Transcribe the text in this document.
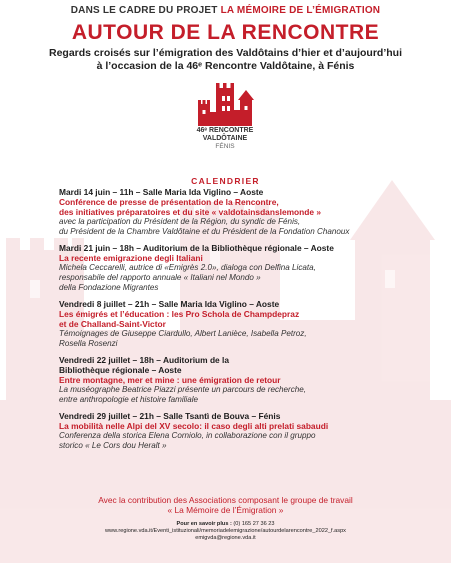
DANS LE CADRE DU PROJET LA MÉMOIRE DE L’ÉMIGRATION
AUTOUR DE LA RENCONTRE
Regards croisés sur l’émigration des Valdôtains d’hier et d’aujourd’hui
à l’occasion de la 46ᵉ Rencontre Valdôtaine, à Fénis
46ᵉ RENCONTRE
VALDÔTAINE
FÉNIS
CALENDRIER
Mardi 14 juin – 11h – Salle Maria Ida Viglino – Aoste
Conférence de presse de présentation de la Rencontre,
des initiatives préparatoires et du site « valdotainsdanslemonde »
avec la participation du Président de la Région, du syndic de Fénis,
du Président de la Chambre Valdôtaine et du Président de la Fondation Chanoux
Mardi 21 juin – 18h – Auditorium de la Bibliothèque régionale – Aoste
La recente emigrazione degli Italiani
Michela Ceccarelli, autrice di «Emigrès 2.0», dialoga con Delfina Licata,
responsabile del rapporto annuale « Italiani nel Mondo »
della Fondazione Migrantes
Vendredi 8 juillet – 21h – Salle Maria Ida Viglino – Aoste
Les émigrés et l’éducation : les Pro Schola de Champdepraz
et de Challand-Saint-Victor
Témoignages de Giuseppe Ciardullo, Albert Lanièce, Isabella Petroz,
Rosella Rosenzi
Vendredi 22 juillet – 18h – Auditorium de la
Bibliothèque régionale – Aoste
Entre montagne, mer et mine : une émigration de retour
La muséographe Beatrice Piazzi présente un parcours de recherche,
entre anthropologie et histoire familiale
Vendredi 29 juillet – 21h – Salle Tsantì de Bouva – Fénis
La mobilità nelle Alpi del XV secolo: il caso degli alti prelati sabaudi
Conferenza della storica Elena Corniolo, in collaborazione con il gruppo
storico « Le Cors dou Heralt »
Avec la contribution des Associations composant le groupe de travail
« La Mémoire de l’Émigration »
Pour en savoir plus : (0) 165 27 36 23
www.regione.vda.it/Eventi_istituzionali/memoriadelemigrazione/autourdelarencontre_2022_f.aspx
emigvda@regione.vda.it
